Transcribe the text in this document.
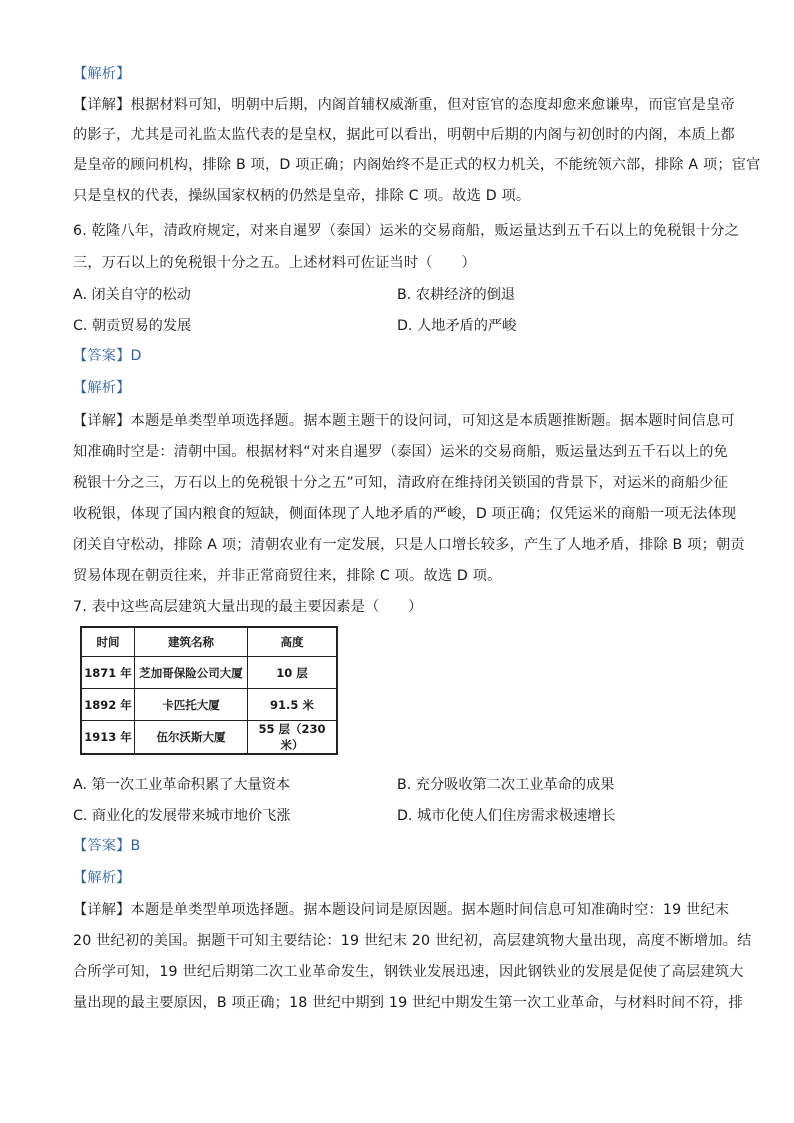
【解析】
【详解】根据材料可知，明朝中后期，内阁首辅权威渐重，但对宦官的态度却愈来愈谦卑，而宦官是皇帝
的影子，尤其是司礼监太监代表的是皇权，据此可以看出，明朝中后期的内阁与初创时的内阁，本质上都
是皇帝的顾问机构，排除 B 项，D 项正确；内阁始终不是正式的权力机关，不能统领六部，排除 A 项；宦官
只是皇权的代表，操纵国家权柄的仍然是皇帝，排除 C 项。故选 D 项。
6. 乾隆八年，清政府规定，对来自暹罗（泰国）运米的交易商船，贩运量达到五千石以上的免税银十分之
三，万石以上的免税银十分之五。上述材料可佐证当时（　　）
A. 闭关自守的松动	B. 农耕经济的倒退
C. 朝贡贸易的发展	D. 人地矛盾的严峻
【答案】D
【解析】
【详解】本题是单类型单项选择题。据本题主题干的设问词，可知这是本质题推断题。据本题时间信息可
知准确时空是：清朝中国。根据材料“对来自暹罗（泰国）运米的交易商船，贩运量达到五千石以上的免
税银十分之三，万石以上的免税银十分之五”可知，清政府在维持闭关锁国的背景下，对运米的商船少征
收税银，体现了国内粮食的短缺，侧面体现了人地矛盾的严峻，D 项正确；仅凭运米的商船一项无法体现
闭关自守松动，排除 A 项；清朝农业有一定发展，只是人口增长较多，产生了人地矛盾，排除 B 项；朝贡
贸易体现在朝贡往来，并非正常商贸往来，排除 C 项。故选 D 项。
7. 表中这些高层建筑大量出现的最主要因素是（　　）
时间	建筑名称	高度
1871 年	芝加哥保险公司大厦	10 层
1892 年	卡匹托大厦	91.5 米
1913 年	伍尔沃斯大厦	55 层（230 米）
A. 第一次工业革命积累了大量资本	B. 充分吸收第二次工业革命的成果
C. 商业化的发展带来城市地价飞涨	D. 城市化使人们住房需求极速增长
【答案】B
【解析】
【详解】本题是单类型单项选择题。据本题设问词是原因题。据本题时间信息可知准确时空：19 世纪末
20 世纪初的美国。据题干可知主要结论：19 世纪末 20 世纪初，高层建筑物大量出现，高度不断增加。结
合所学可知，19 世纪后期第二次工业革命发生，钢铁业发展迅速，因此钢铁业的发展是促使了高层建筑大
量出现的最主要原因，B 项正确；18 世纪中期到 19 世纪中期发生第一次工业革命，与材料时间不符，排
